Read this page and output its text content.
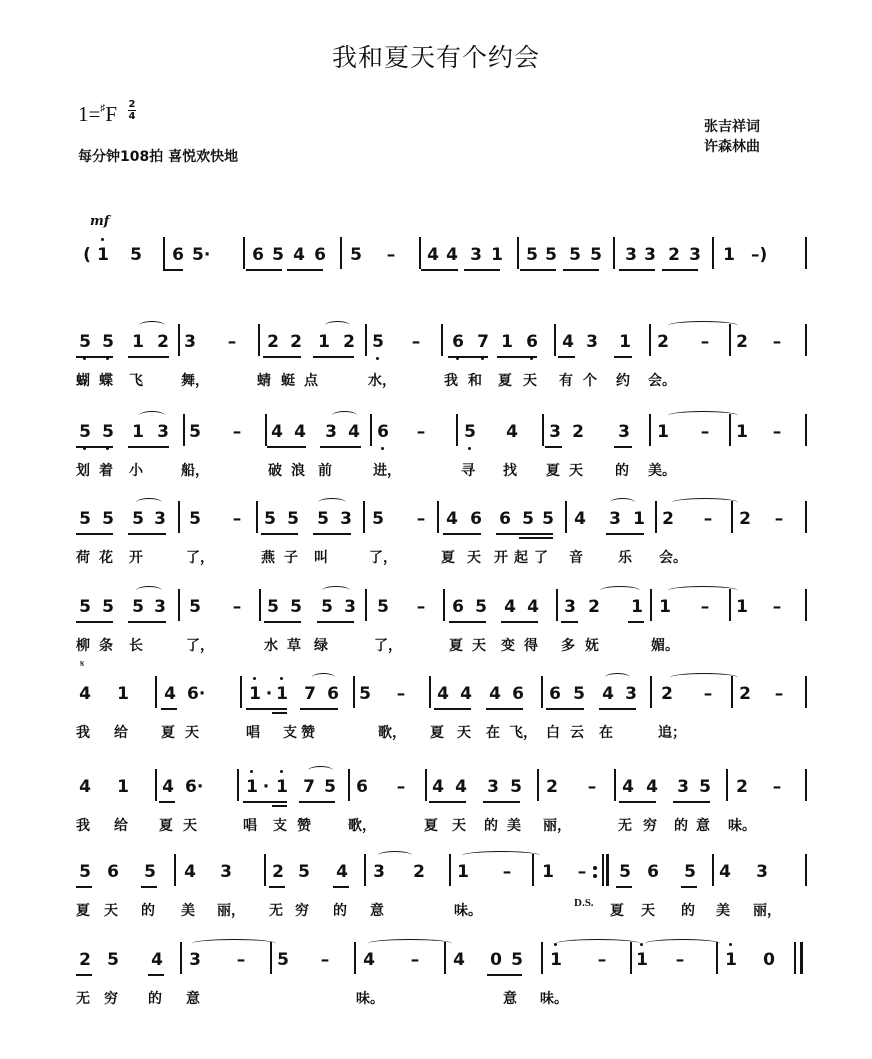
我和夏天有个约会
1=♯F 2
4
每分钟108拍 喜悦欢快地
张吉祥词
许森林曲
mf
𝄋
( 1 5 6 5· 6 5 4 6 5 – 4 4 3 1 5 5 5 5 3 3 2 3 1 –)
5 5 1 2 3 – 2 2 1 2 5 – 6 7 1 6 4 3 1 2 – 2 –
蝴 蝶 飞	舞，	蜻 蜓 点	水，	我 和 夏 天 有 个 约 会。
5 5 1 3 5 – 4 4 3 4 6 – 5 4 3 2 3 1 – 1 –
划 着 小	船，	破 浪 前	进，	寻 找 夏 天 的 美。
5 5 5 3 5 – 5 5 5 3 5 – 4 6 6 5 5 4 3 1 2 – 2 –
荷 花 开	了，	燕 子 叫	了，	夏 天 开 起 了 音	乐 会。
5 5 5 3 5 – 5 5 5 3 5 – 6 5 4 4 3 2 1 1 – 1 –
柳 条 长	了，	水 草 绿	了，	夏 天 变 得 多 妩	媚。
4 1 4 6·	1 · 1 7 6 5 – 4 4 4 6 6 5 4 3 2 – 2 –
我 给 夏 天	唱 支 赞	歌， 夏 天 在 飞， 白 云 在	追；
4 1 4 6·	1 · 1 7 5 6 – 4 4 3 5 2 – 4 4 3 5 2 –
我 给 夏 天	唱 支 赞	歌，	夏 天 的 美 丽，	无 穷 的 意 味。
5 6 5 4 3 2 5 4 3 2 1 – 1 – 5 6 5 4 3
夏 天 的 美 丽， 无 穷 的 意	味。	夏 天 的 美 丽，
D.S.
2 5 4 3 – 5 – 4 – 4 0 5 1 – 1 – 1 0
无 穷 的 意	味。	意 味。
